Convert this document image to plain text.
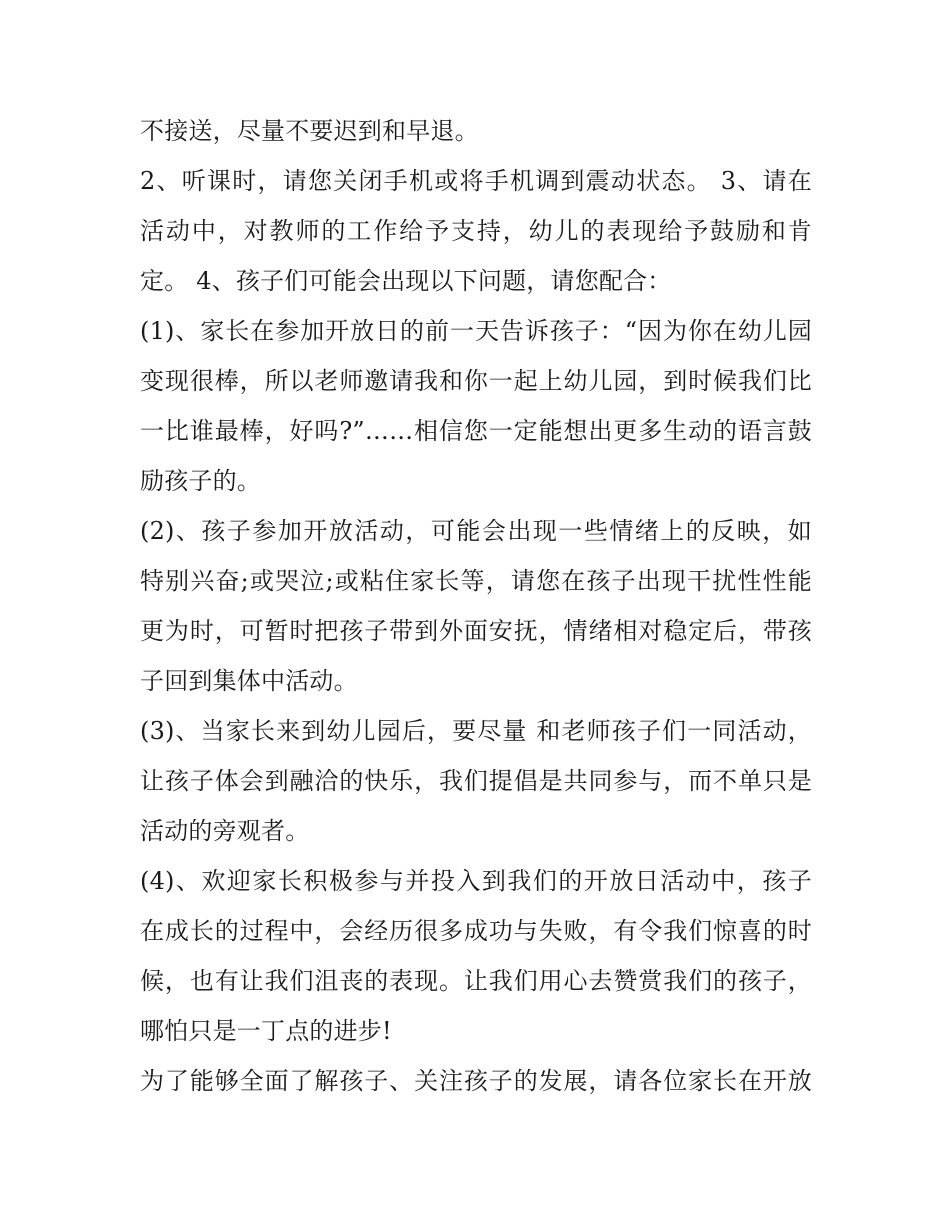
不接送，尽量不要迟到和早退。
2、听课时，请您关闭手机或将手机调到震动状态。 3、请在
活动中，对教师的工作给予支持，幼儿的表现给予鼓励和肯
定。 4、孩子们可能会出现以下问题，请您配合：
(1)、家长在参加开放日的前一天告诉孩子：“因为你在幼儿园
变现很棒，所以老师邀请我和你一起上幼儿园，到时候我们比
一比谁最棒，好吗?”……相信您一定能想出更多生动的语言鼓
励孩子的。
(2)、孩子参加开放活动，可能会出现一些情绪上的反映，如
特别兴奋;或哭泣;或粘住家长等，请您在孩子出现干扰性性能
更为时，可暂时把孩子带到外面安抚，情绪相对稳定后，带孩
子回到集体中活动。
(3)、当家长来到幼儿园后，要尽量 和老师孩子们一同活动，
让孩子体会到融洽的快乐，我们提倡是共同参与，而不单只是
活动的旁观者。
(4)、欢迎家长积极参与并投入到我们的开放日活动中，孩子
在成长的过程中，会经历很多成功与失败，有令我们惊喜的时
候，也有让我们沮丧的表现。让我们用心去赞赏我们的孩子，
哪怕只是一丁点的进步!
为了能够全面了解孩子、关注孩子的发展，请各位家长在开放
